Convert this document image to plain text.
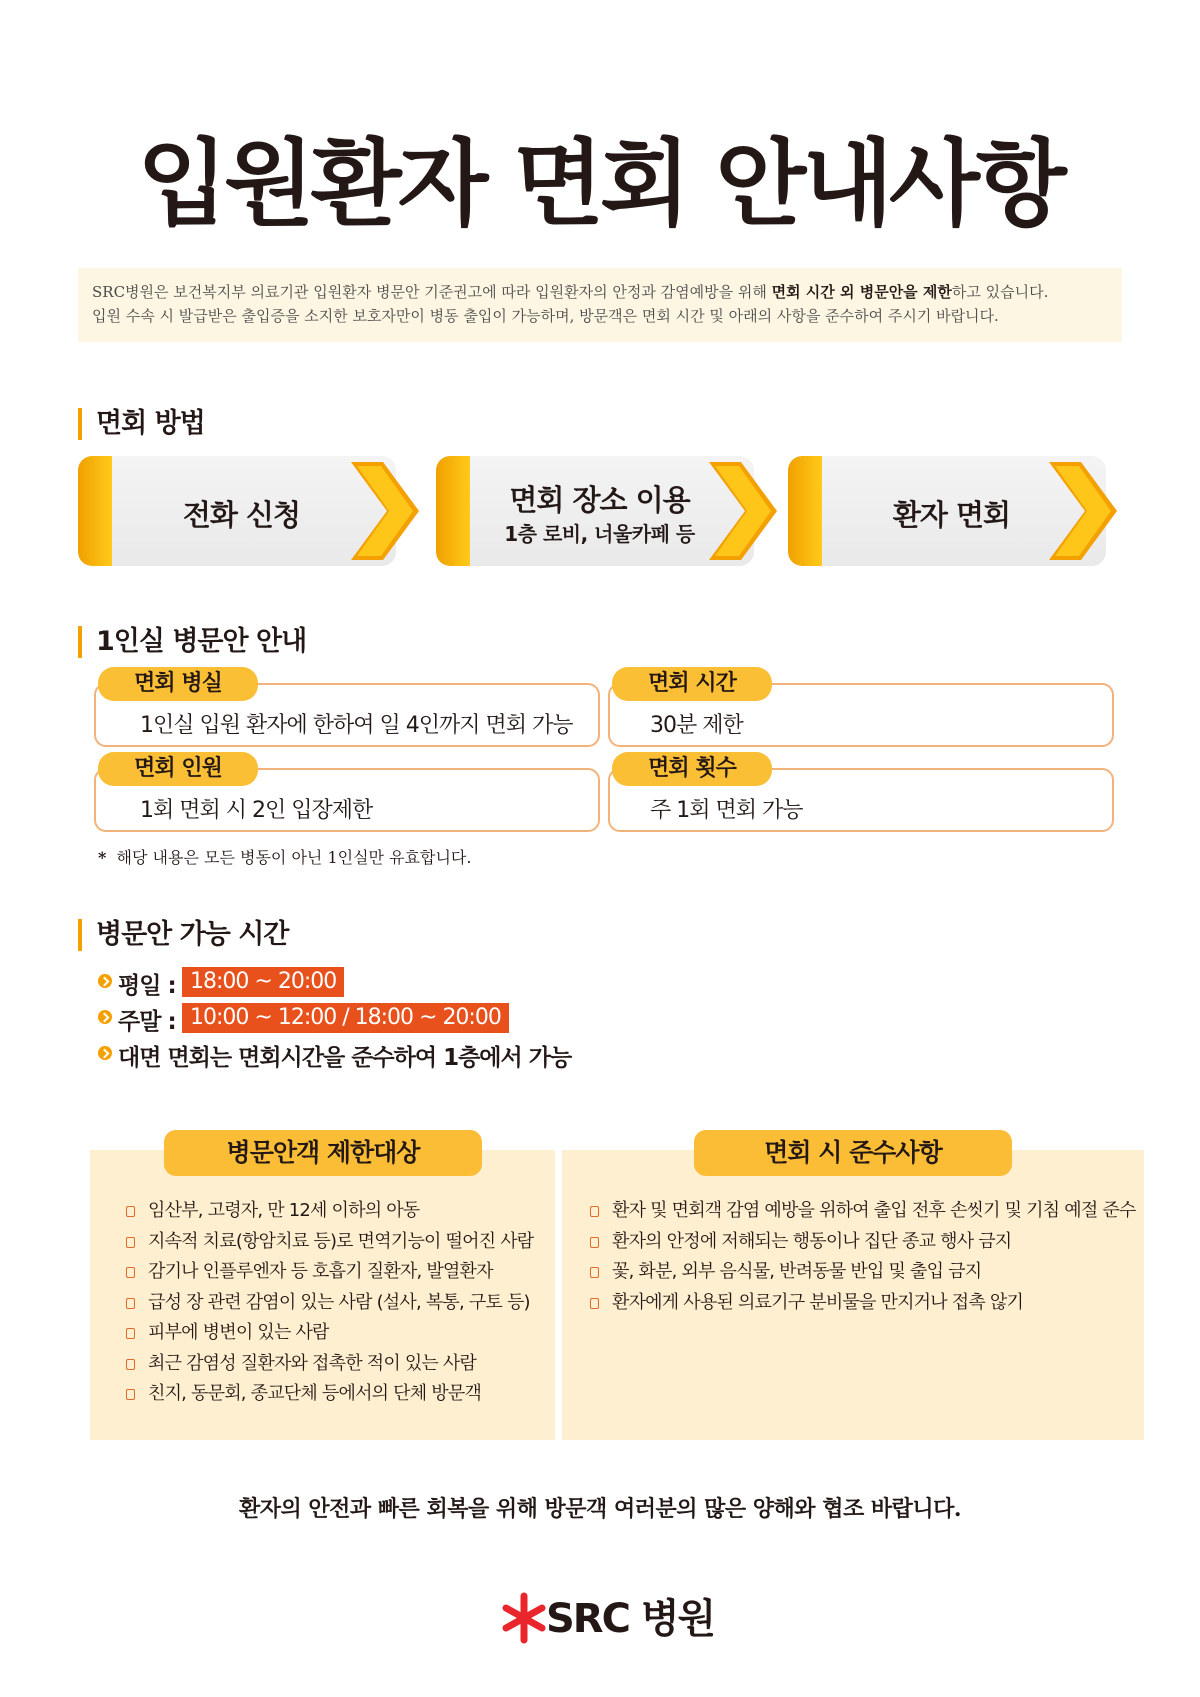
입원환자 면회 안내사항

SRC병원은 보건복지부 의료기관 입원환자 병문안 기준권고에 따라 입원환자의 안정과 감염예방을 위해 면회 시간 외 병문안을 제한하고 있습니다.

입원 수속 시 발급받은 출입증을 소지한 보호자만이 병동 출입이 가능하며, 방문객은 면회 시간 및 아래의 사항을 준수하여 주시기 바랍니다.

면회 방법
전화 신청	면회 장소 이용
1층 로비, 너울카페 등
환자 면회
1인실 병문안 안내
면회 병실
1인실 입원 환자에 한하여 일 4인까지 면회 가능
면회 시간
30분 제한
면회 인원
1회 면회 시 2인 입장제한
면회 횟수
주 1회 면회 가능
* 해당 내용은 모든 병동이 아닌 1인실만 유효합니다.
병문안 가능 시간
평일 : 18:00 ~ 20:00
주말 : 10:00 ~ 12:00 / 18:00 ~ 20:00
대면 면회는 면회시간을 준수하여 1층에서 가능
병문안객 제한대상
임산부, 고령자, 만 12세 이하의 아동
지속적 치료(항암치료 등)로 면역기능이 떨어진 사람
감기나 인플루엔자 등 호흡기 질환자, 발열환자
급성 장 관련 감염이 있는 사람 (설사, 복통, 구토 등)
피부에 병변이 있는 사람
최근 감염성 질환자와 접촉한 적이 있는 사람
친지, 동문회, 종교단체 등에서의 단체 방문객
면회 시 준수사항
환자 및 면회객 감염 예방을 위하여 출입 전후 손씻기 및 기침 예절 준수
환자의 안정에 저해되는 행동이나 집단 종교 행사 금지
꽃, 화분, 외부 음식물, 반려동물 반입 및 출입 금지
환자에게 사용된 의료기구 분비물을 만지거나 접촉 않기
환자의 안전과 빠른 회복을 위해 방문객 여러분의 많은 양해와 협조 바랍니다.
SRC 병원
